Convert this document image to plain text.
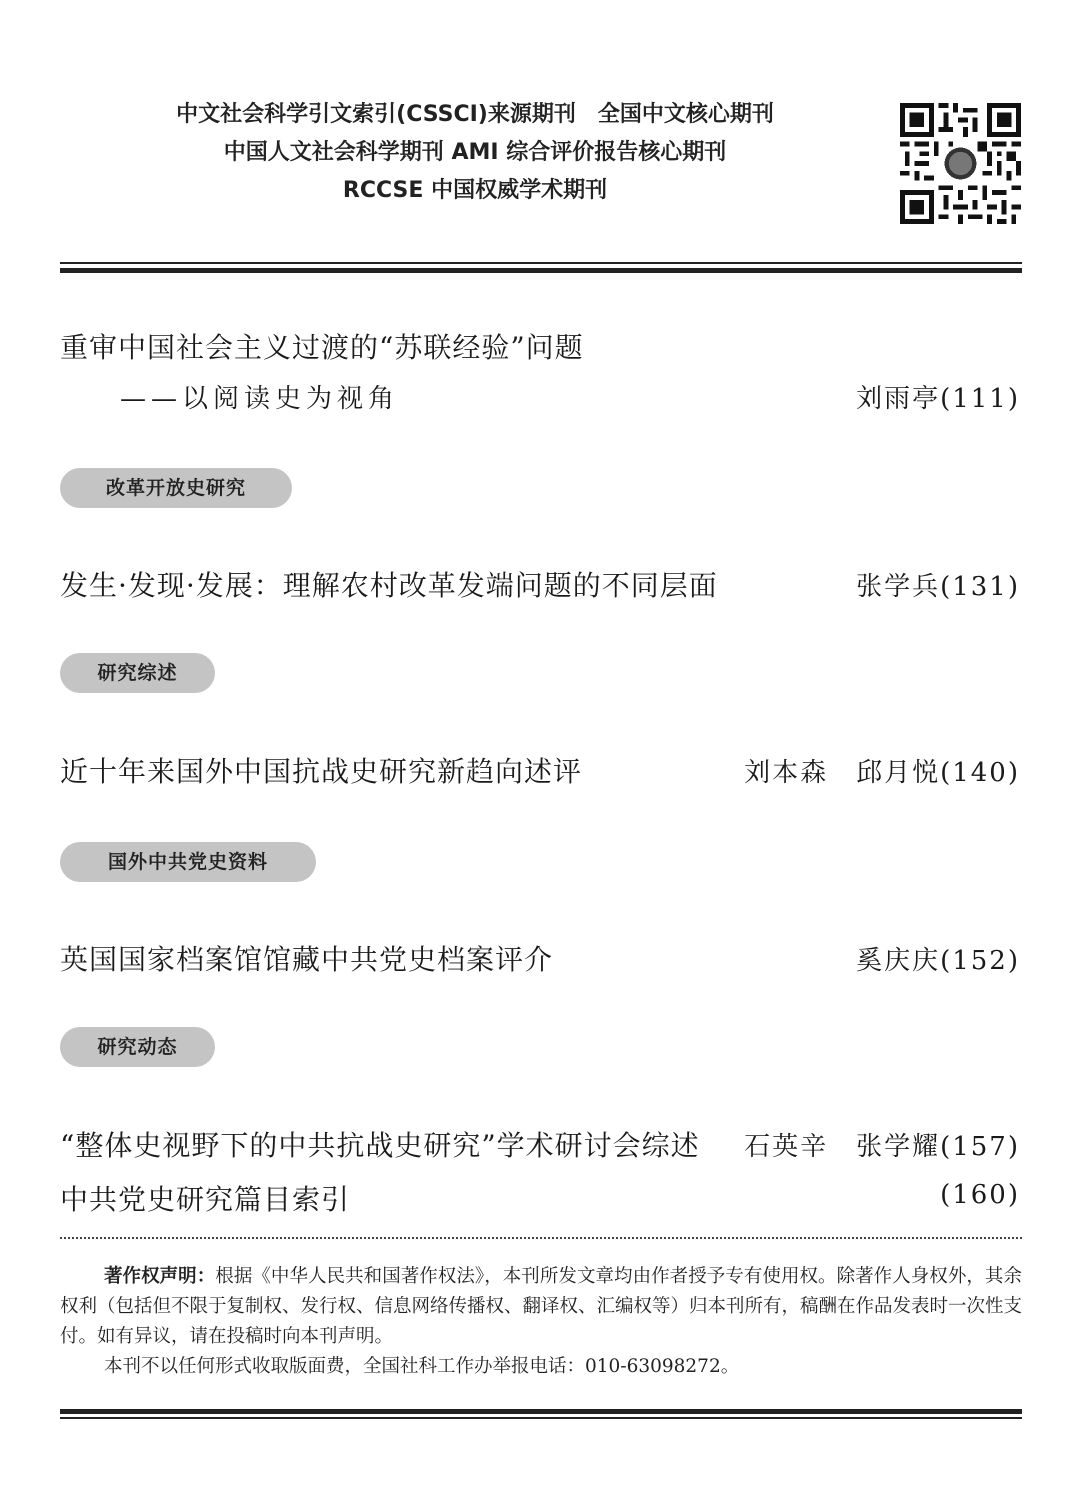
中文社会科学引文索引(CSSCI)来源期刊　全国中文核心期刊
中国人文社会科学期刊 AMI 综合评价报告核心期刊
RCCSE 中国权威学术期刊
重审中国社会主义过渡的“苏联经验”问题
——以阅读史为视角	刘雨亭(111)
改革开放史研究
发生·发现·发展：理解农村改革发端问题的不同层面	张学兵(131)
研究综述
近十年来国外中国抗战史研究新趋向述评	刘本森　邱月悦(140)
国外中共党史资料
英国国家档案馆馆藏中共党史档案评介	奚庆庆(152)
研究动态
“整体史视野下的中共抗战史研究”学术研讨会综述 石英辛　张学耀(157)
中共党史研究篇目索引	(160)

著作权声明：根据《中华人民共和国著作权法》，本刊所发文章均由作者授予专有使用权。除著作人身权外，其余权利（包括但不限于复制权、发行权、信息网络传播权、翻译权、汇编权等）归本刊所有，稿酬在作品发表时一次性支付。如有异议，请在投稿时向本刊声明。

本刊不以任何形式收取版面费，全国社科工作办举报电话：010-63098272。
